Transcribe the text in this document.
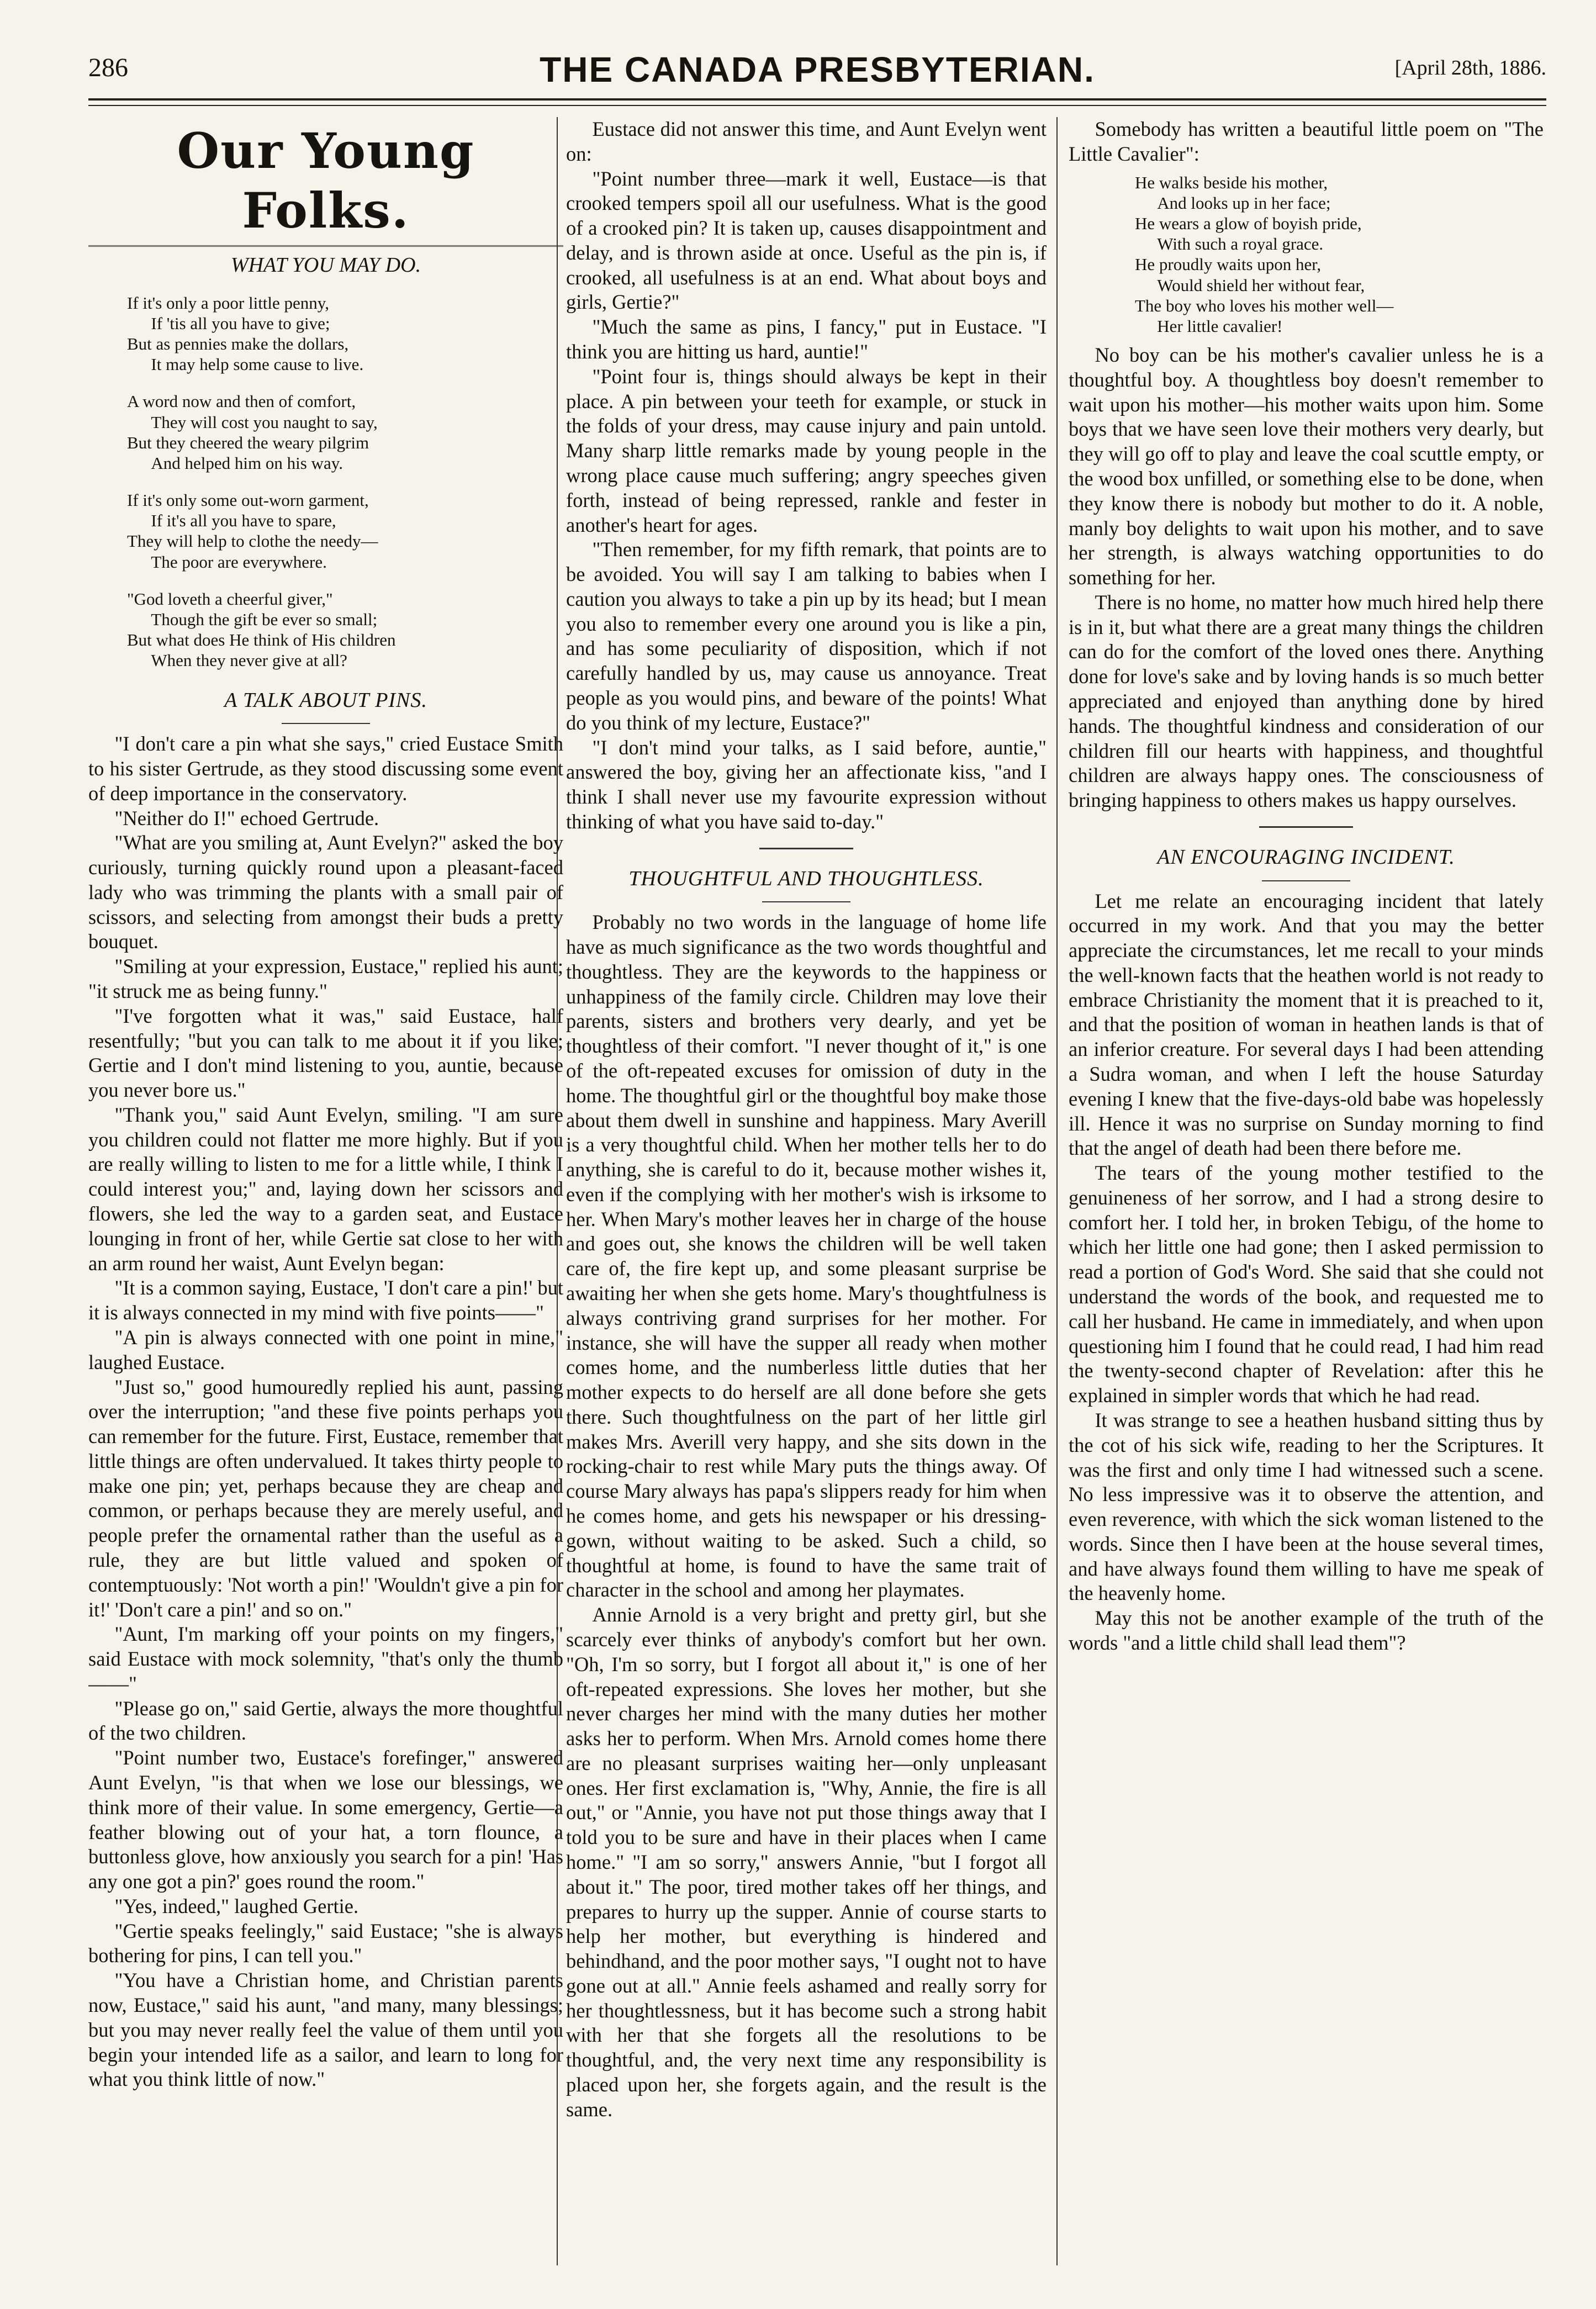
286	THE CANADA PRESBYTERIAN.	[April 28th, 1886.
Our Young Folks.
WHAT YOU MAY DO.
If it's only a poor little penny,
If 'tis all you have to give;
But as pennies make the dollars,
It may help some cause to live.
A word now and then of comfort,
They will cost you naught to say,
But they cheered the weary pilgrim
And helped him on his way.
If it's only some out-worn garment,
If it's all you have to spare,
They will help to clothe the needy—
The poor are everywhere.
"God loveth a cheerful giver,"
Though the gift be ever so small;
But what does He think of His children
When they never give at all?
A TALK ABOUT PINS.

"I don't care a pin what she says," cried Eustace Smith to his sister Gertrude, as they stood discussing some event of deep importance in the conservatory.

"Neither do I!" echoed Gertrude.

"What are you smiling at, Aunt Evelyn?" asked the boy curiously, turning quickly round upon a pleasant-faced lady who was trimming the plants with a small pair of scissors, and selecting from amongst their buds a pretty bouquet.

"Smiling at your expression, Eustace," replied his aunt; "it struck me as being funny."

"I've forgotten what it was," said Eustace, half resentfully; "but you can talk to me about it if you like; Gertie and I don't mind listening to you, auntie, because you never bore us."

"Thank you," said Aunt Evelyn, smiling. "I am sure you children could not flatter me more highly. But if you are really willing to listen to me for a little while, I think I could interest you;" and, laying down her scissors and flowers, she led the way to a garden seat, and Eustace lounging in front of her, while Gertie sat close to her with an arm round her waist, Aunt Evelyn began:

"It is a common saying, Eustace, 'I don't care a pin!' but it is always connected in my mind with five points——"

"A pin is always connected with one point in mine," laughed Eustace.

"Just so," good humouredly replied his aunt, passing over the interruption; "and these five points perhaps you can remember for the future. First, Eustace, remember that little things are often undervalued. It takes thirty people to make one pin; yet, perhaps because they are cheap and common, or perhaps because they are merely useful, and people prefer the ornamental rather than the useful as a rule, they are but little valued and spoken of contemptuously: 'Not worth a pin!' 'Wouldn't give a pin for it!' 'Don't care a pin!' and so on."

"Aunt, I'm marking off your points on my fingers," said Eustace with mock solemnity, "that's only the thumb——"

"Please go on," said Gertie, always the more thoughtful of the two children.

"Point number two, Eustace's forefinger," answered Aunt Evelyn, "is that when we lose our blessings, we think more of their value. In some emergency, Gertie—a feather blowing out of your hat, a torn flounce, a buttonless glove, how anxiously you search for a pin! 'Has any one got a pin?' goes round the room."

"Yes, indeed," laughed Gertie.

"Gertie speaks feelingly," said Eustace; "she is always bothering for pins, I can tell you."

"You have a Christian home, and Christian parents now, Eustace," said his aunt, "and many, many blessings; but you may never really feel the value of them until you begin your intended life as a sailor, and learn to long for what you think little of now."

Eustace did not answer this time, and Aunt Evelyn went on:

"Point number three—mark it well, Eustace—is that crooked tempers spoil all our usefulness. What is the good of a crooked pin? It is taken up, causes disappointment and delay, and is thrown aside at once. Useful as the pin is, if crooked, all usefulness is at an end. What about boys and girls, Gertie?"

"Much the same as pins, I fancy," put in Eustace. "I think you are hitting us hard, auntie!"

"Point four is, things should always be kept in their place. A pin between your teeth for example, or stuck in the folds of your dress, may cause injury and pain untold. Many sharp little remarks made by young people in the wrong place cause much suffering; angry speeches given forth, instead of being repressed, rankle and fester in another's heart for ages.

"Then remember, for my fifth remark, that points are to be avoided. You will say I am talking to babies when I caution you always to take a pin up by its head; but I mean you also to remember every one around you is like a pin, and has some peculiarity of disposition, which if not carefully handled by us, may cause us annoyance. Treat people as you would pins, and beware of the points! What do you think of my lecture, Eustace?"

"I don't mind your talks, as I said before, auntie," answered the boy, giving her an affectionate kiss, "and I think I shall never use my favourite expression without thinking of what you have said to-day."

THOUGHTFUL AND THOUGHTLESS.

Probably no two words in the language of home life have as much significance as the two words thoughtful and thoughtless. They are the keywords to the happiness or unhappiness of the family circle. Children may love their parents, sisters and brothers very dearly, and yet be thoughtless of their comfort. "I never thought of it," is one of the oft-repeated excuses for omission of duty in the home. The thoughtful girl or the thoughtful boy make those about them dwell in sunshine and happiness. Mary Averill is a very thoughtful child. When her mother tells her to do anything, she is careful to do it, because mother wishes it, even if the complying with her mother's wish is irksome to her. When Mary's mother leaves her in charge of the house and goes out, she knows the children will be well taken care of, the fire kept up, and some pleasant surprise be awaiting her when she gets home. Mary's thoughtfulness is always contriving grand surprises for her mother. For instance, she will have the supper all ready when mother comes home, and the numberless little duties that her mother expects to do herself are all done before she gets there. Such thoughtfulness on the part of her little girl makes Mrs. Averill very happy, and she sits down in the rocking-chair to rest while Mary puts the things away. Of course Mary always has papa's slippers ready for him when he comes home, and gets his newspaper or his dressing-gown, without waiting to be asked. Such a child, so thoughtful at home, is found to have the same trait of character in the school and among her playmates.

Annie Arnold is a very bright and pretty girl, but she scarcely ever thinks of anybody's comfort but her own. "Oh, I'm so sorry, but I forgot all about it," is one of her oft-repeated expressions. She loves her mother, but she never charges her mind with the many duties her mother asks her to perform. When Mrs. Arnold comes home there are no pleasant surprises waiting her—only unpleasant ones. Her first exclamation is, "Why, Annie, the fire is all out," or "Annie, you have not put those things away that I told you to be sure and have in their places when I came home." "I am so sorry," answers Annie, "but I forgot all about it." The poor, tired mother takes off her things, and prepares to hurry up the supper. Annie of course starts to help her mother, but everything is hindered and behindhand, and the poor mother says, "I ought not to have gone out at all." Annie feels ashamed and really sorry for her thoughtlessness, but it has become such a strong habit with her that she forgets all the resolutions to be thoughtful, and, the very next time any responsibility is placed upon her, she forgets again, and the result is the same.

Somebody has written a beautiful little poem on "The Little Cavalier":

He walks beside his mother,
And looks up in her face;
He wears a glow of boyish pride,
With such a royal grace.
He proudly waits upon her,
Would shield her without fear,
The boy who loves his mother well—
Her little cavalier!

No boy can be his mother's cavalier unless he is a thoughtful boy. A thoughtless boy doesn't remember to wait upon his mother—his mother waits upon him. Some boys that we have seen love their mothers very dearly, but they will go off to play and leave the coal scuttle empty, or the wood box unfilled, or something else to be done, when they know there is nobody but mother to do it. A noble, manly boy delights to wait upon his mother, and to save her strength, is always watching opportunities to do something for her.

There is no home, no matter how much hired help there is in it, but what there are a great many things the children can do for the comfort of the loved ones there. Anything done for love's sake and by loving hands is so much better appreciated and enjoyed than anything done by hired hands. The thoughtful kindness and consideration of our children fill our hearts with happiness, and thoughtful children are always happy ones. The consciousness of bringing happiness to others makes us happy ourselves.

AN ENCOURAGING INCIDENT.

Let me relate an encouraging incident that lately occurred in my work. And that you may the better appreciate the circumstances, let me recall to your minds the well-known facts that the heathen world is not ready to embrace Christianity the moment that it is preached to it, and that the position of woman in heathen lands is that of an inferior creature. For several days I had been attending a Sudra woman, and when I left the house Saturday evening I knew that the five-days-old babe was hopelessly ill. Hence it was no surprise on Sunday morning to find that the angel of death had been there before me.

The tears of the young mother testified to the genuineness of her sorrow, and I had a strong desire to comfort her. I told her, in broken Tebigu, of the home to which her little one had gone; then I asked permission to read a portion of God's Word. She said that she could not understand the words of the book, and requested me to call her husband. He came in immediately, and when upon questioning him I found that he could read, I had him read the twenty-second chapter of Revelation: after this he explained in simpler words that which he had read.

It was strange to see a heathen husband sitting thus by the cot of his sick wife, reading to her the Scriptures. It was the first and only time I had witnessed such a scene. No less impressive was it to observe the attention, and even reverence, with which the sick woman listened to the words. Since then I have been at the house several times, and have always found them willing to have me speak of the heavenly home.

May this not be another example of the truth of the words "and a little child shall lead them"?
